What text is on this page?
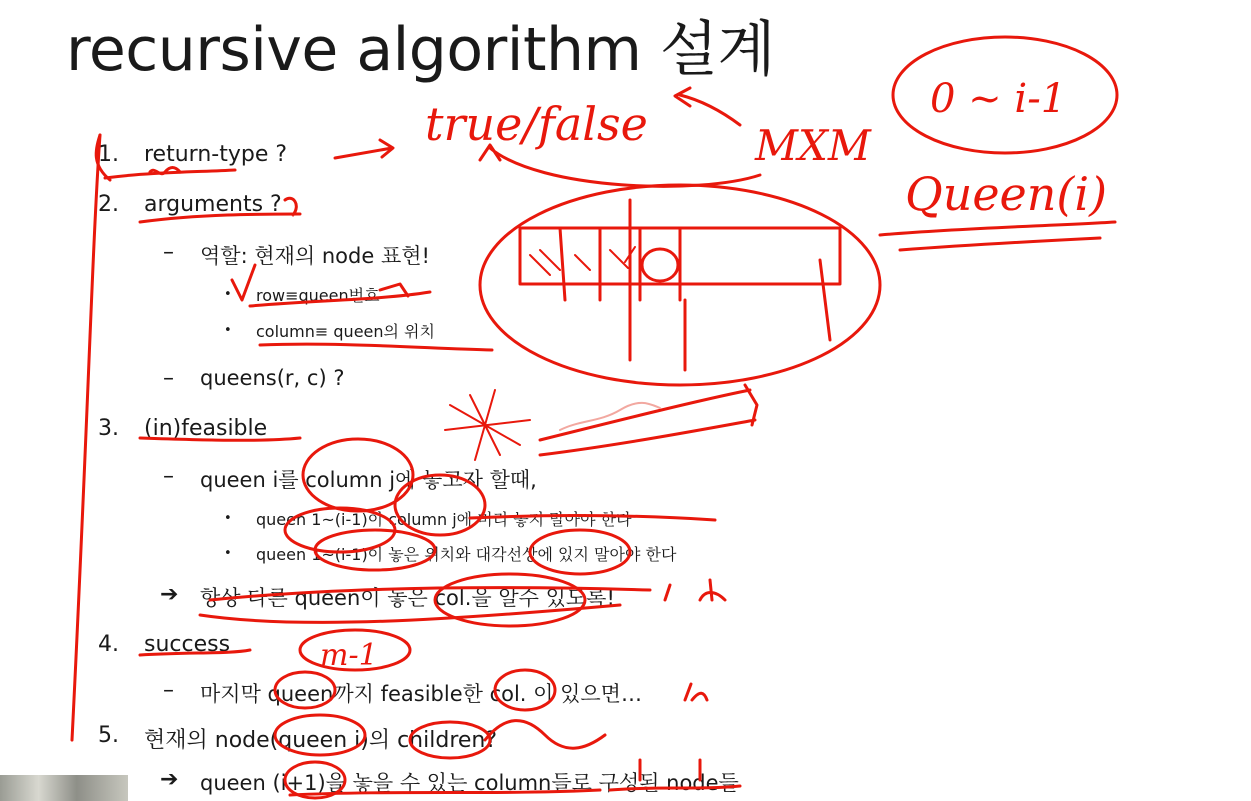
recursive algorithm 설계
1. return-type ?
2. arguments ?
– 역할: 현재의 node 표현!
• row≡queen번호
• column≡ queen의 위치
– queens(r, c) ?
3. (in)feasible
– queen i를 column j에 놓고자 할때,
• queen 1~(i-1)이 column j에 미리 놓지 말아야 한다
• queen 1~(i-1)이 놓은 위치와 대각선상에 있지 말아야 한다
➔ 항상 다른 queen이 놓은 col.을 알수 있도록!
4. success
– 마지막 queen까지 feasible한 col. 이 있으면…
5. 현재의 node(queen i)의 children?
➔ queen (i+1)을 놓을 수 있는 column들로 구성된 node들
true/false	MXM
0 ~ i-1
Queen(i)
m-1
